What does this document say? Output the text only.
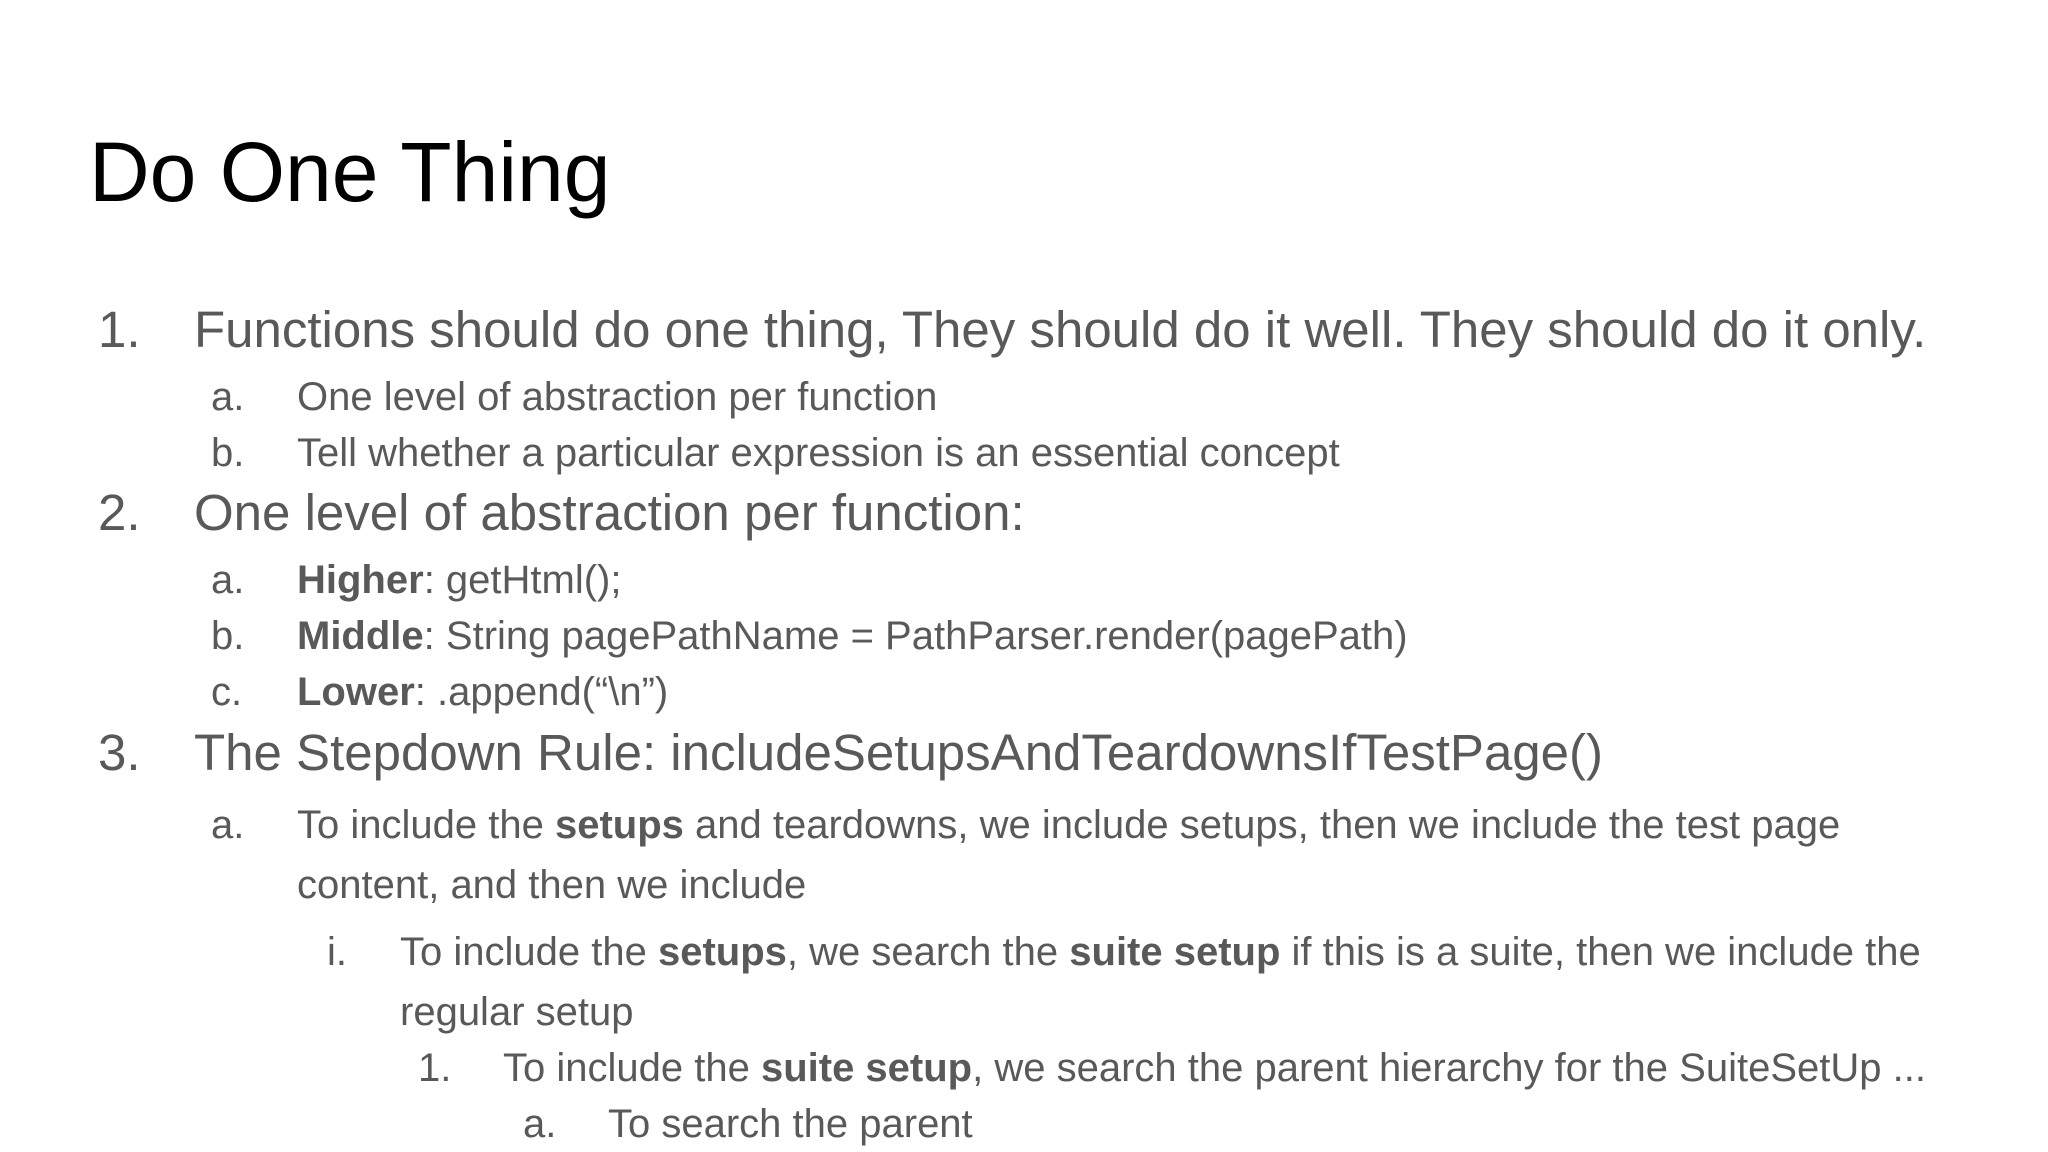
Do One Thing
1. Functions should do one thing, They should do it well. They should do it only.
a. One level of abstraction per function
b. Tell whether a particular expression is an essential concept
2. One level of abstraction per function:
a. Higher: getHtml();
b. Middle: String pagePathName = PathParser.render(pagePath)
c. Lower: .append(“\n”)
3. The Stepdown Rule: includeSetupsAndTeardownsIfTestPage()
a. To include the setups and teardowns, we include setups, then we include the test page
content, and then we include
i. To include the setups, we search the suite setup if this is a suite, then we include the
regular setup
1. To include the suite setup, we search the parent hierarchy for the SuiteSetUp ...
a. To search the parent
